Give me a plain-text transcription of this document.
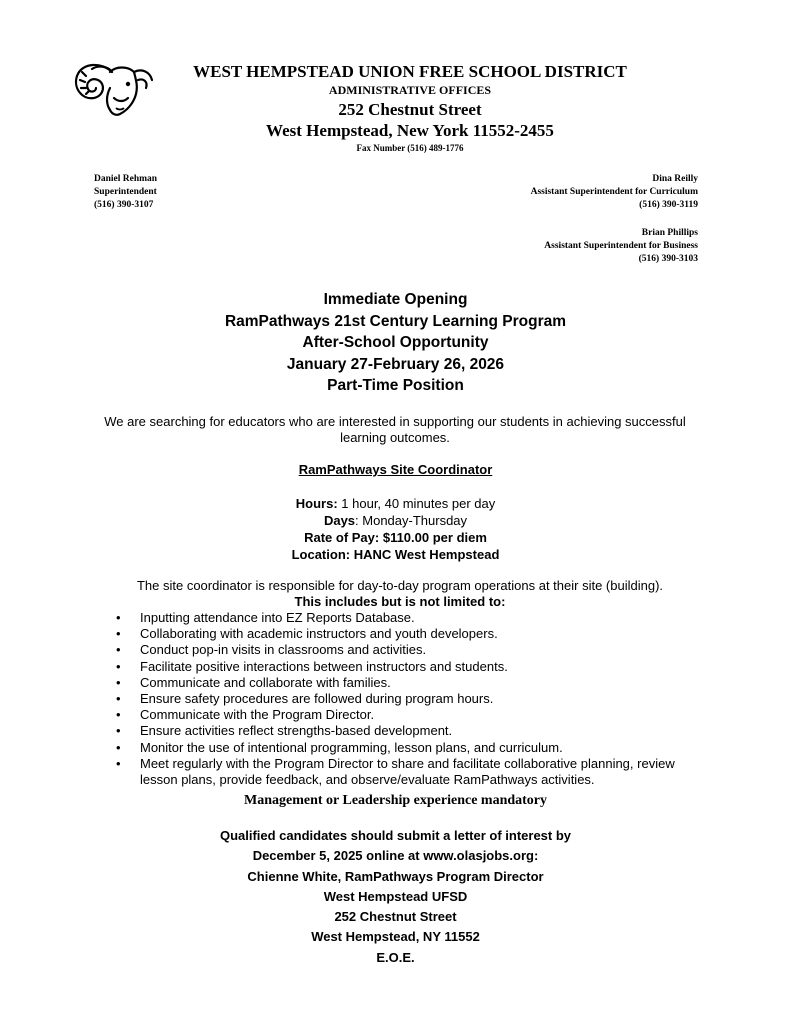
WEST HEMPSTEAD UNION FREE SCHOOL DISTRICT
ADMINISTRATIVE OFFICES
252 Chestnut Street
West Hempstead, New York 11552-2455
Fax Number (516) 489-1776
Daniel Rehman
Superintendent
(516) 390-3107
Dina Reilly
Assistant Superintendent for Curriculum
(516) 390-3119
Brian Phillips
Assistant Superintendent for Business
(516) 390-3103
Immediate Opening
RamPathways 21st Century Learning Program
After-School Opportunity
January 27-February 26, 2026
Part-Time Position
We are searching for educators who are interested in supporting our students in achieving successful learning outcomes.
RamPathways Site Coordinator
Hours: 1 hour, 40 minutes per day
Days: Monday-Thursday
Rate of Pay: $110.00 per diem
Location: HANC West Hempstead
The site coordinator is responsible for day-to-day program operations at their site (building).
This includes but is not limited to:
• Inputting attendance into EZ Reports Database.
• Collaborating with academic instructors and youth developers.
• Conduct pop-in visits in classrooms and activities.
• Facilitate positive interactions between instructors and students.
• Communicate and collaborate with families.
• Ensure safety procedures are followed during program hours.
• Communicate with the Program Director.
• Ensure activities reflect strengths-based development.
• Monitor the use of intentional programming, lesson plans, and curriculum.
• Meet regularly with the Program Director to share and facilitate collaborative planning, review lesson plans, provide feedback, and observe/evaluate RamPathways activities.
Management or Leadership experience mandatory
Qualified candidates should submit a letter of interest by
December 5, 2025 online at www.olasjobs.org:
Chienne White, RamPathways Program Director
West Hempstead UFSD
252 Chestnut Street
West Hempstead, NY 11552
E.O.E.
